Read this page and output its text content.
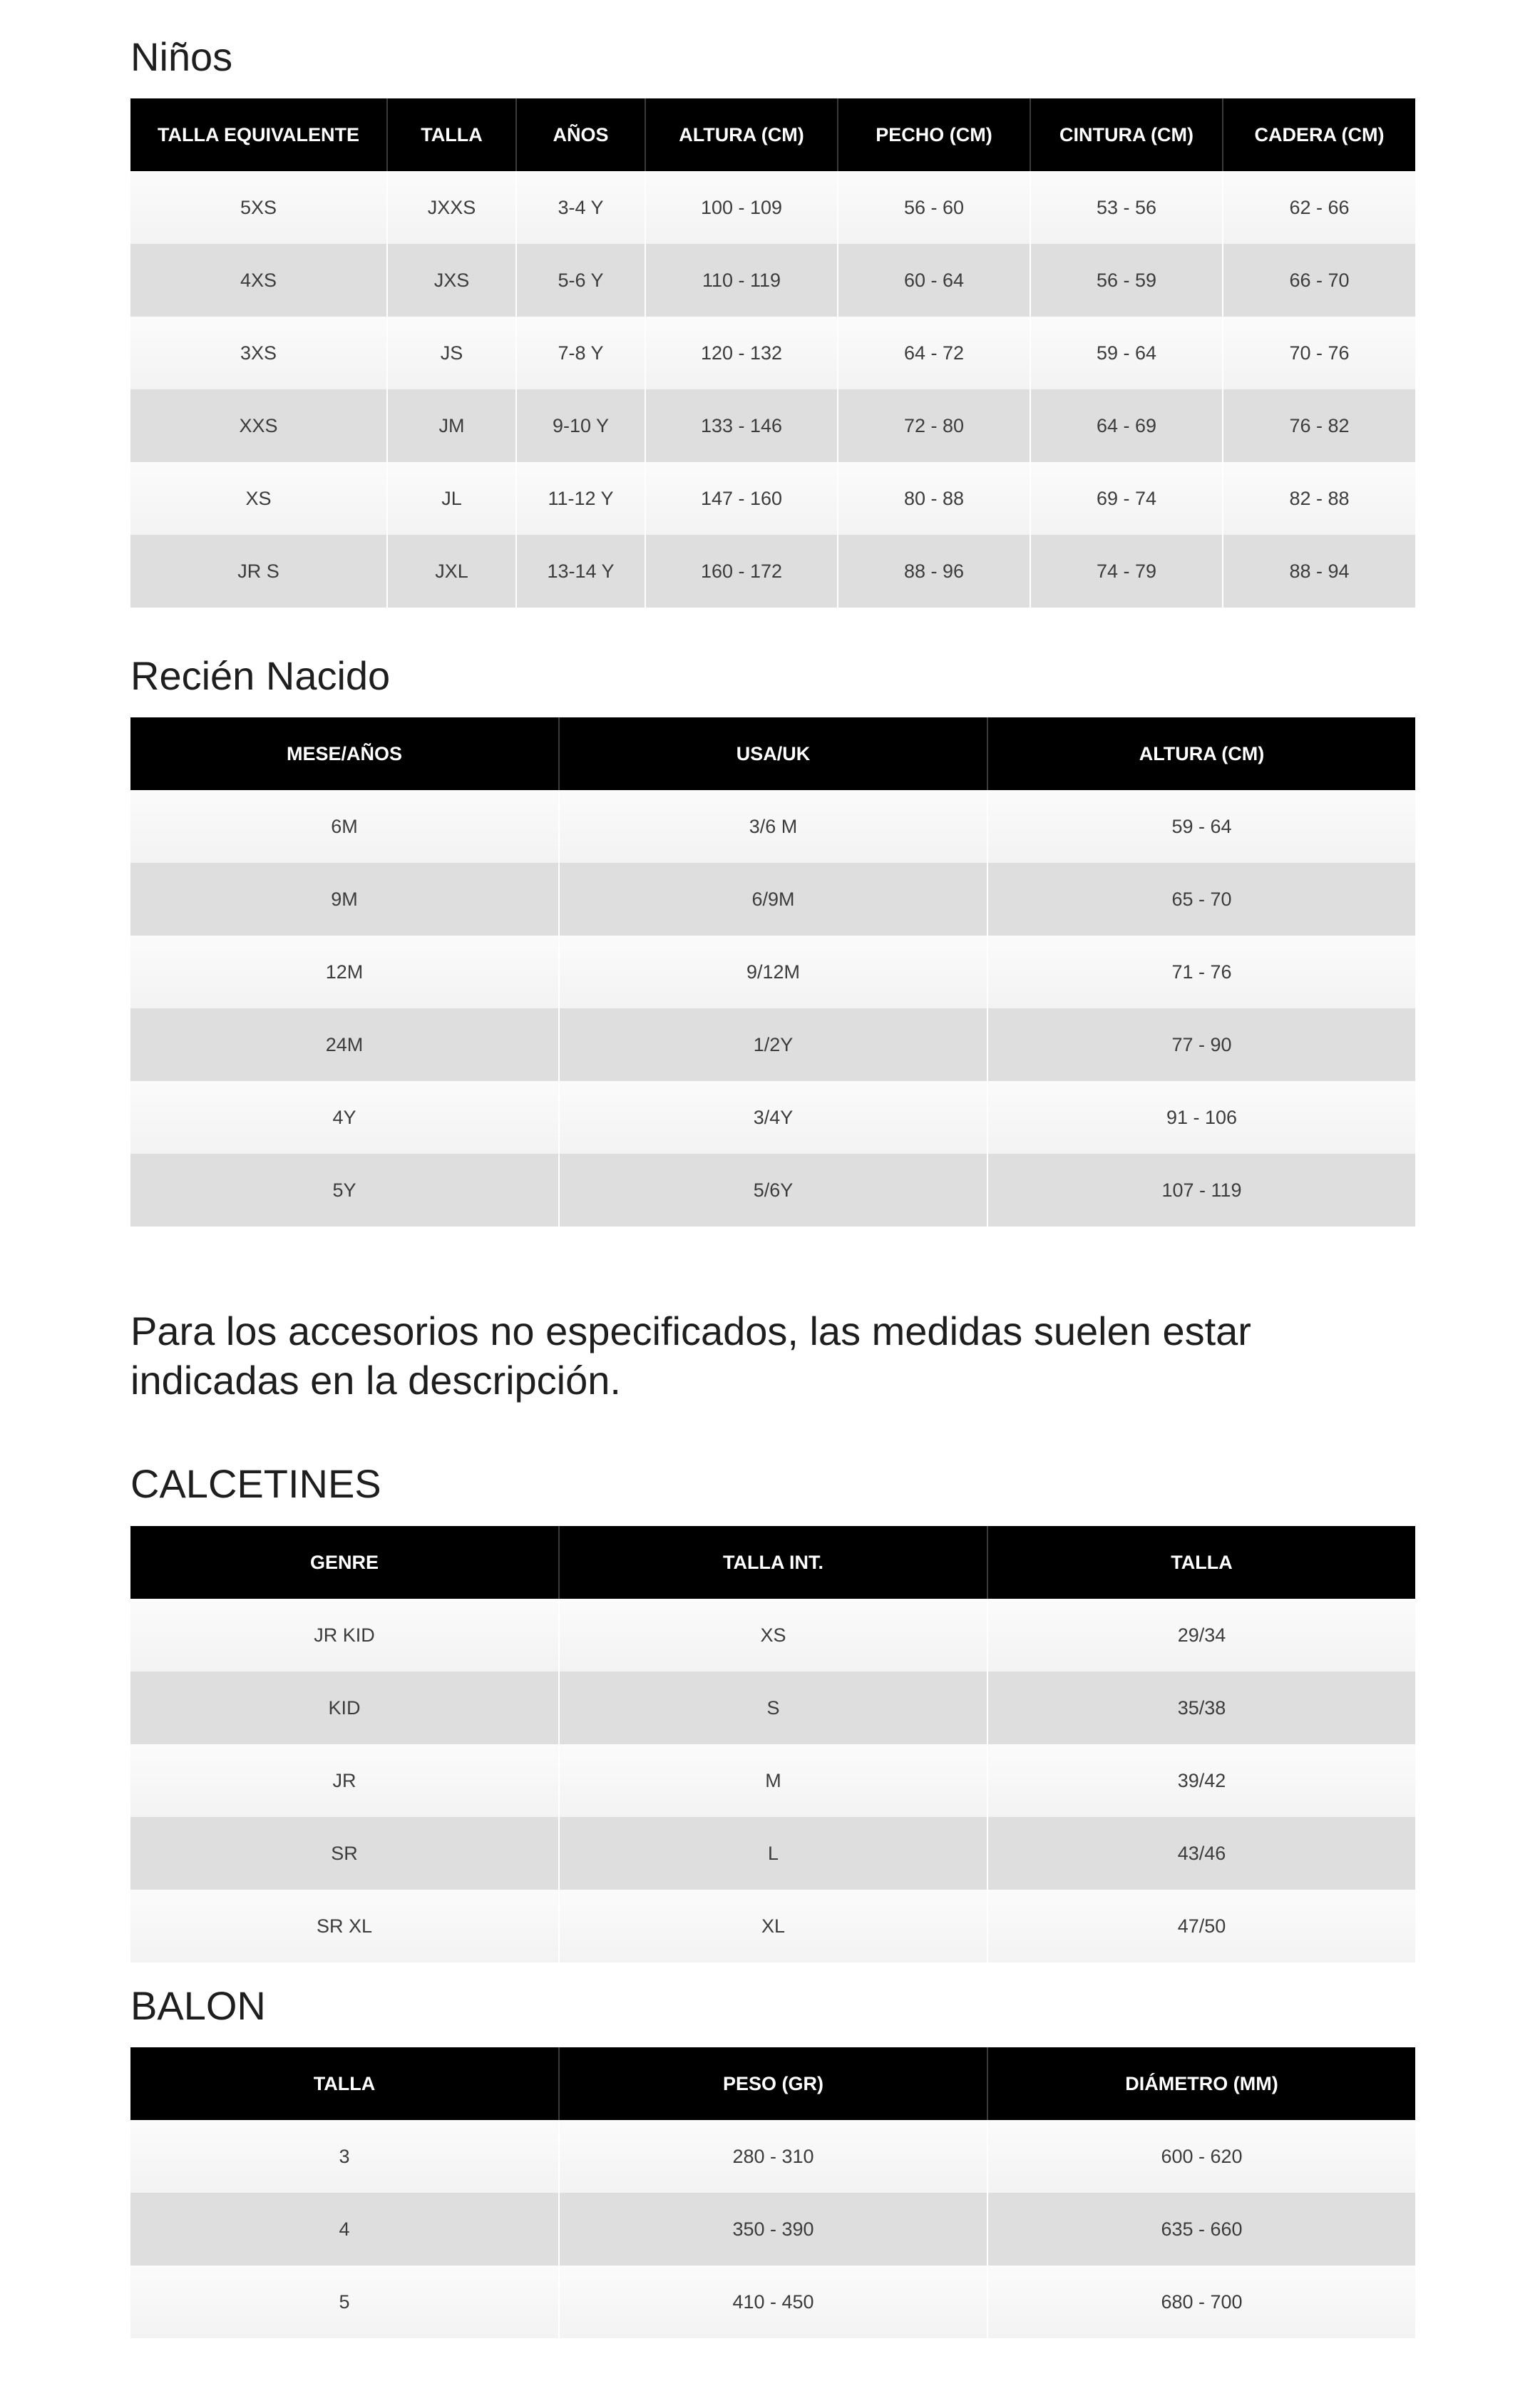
Niños
TALLA EQUIVALENTE	TALLA	AÑOS	ALTURA (CM)	PECHO (CM)	CINTURA (CM)	CADERA (CM)
5XS	JXXS	3-4 Y	100 - 109	56 - 60	53 - 56	62 - 66
4XS	JXS	5-6 Y	110 - 119	60 - 64	56 - 59	66 - 70
3XS	JS	7-8 Y	120 - 132	64 - 72	59 - 64	70 - 76
XXS	JM	9-10 Y	133 - 146	72 - 80	64 - 69	76 - 82
XS	JL	11-12 Y	147 - 160	80 - 88	69 - 74	82 - 88
JR S	JXL	13-14 Y	160 - 172	88 - 96	74 - 79	88 - 94
Recién Nacido
MESE/AÑOS	USA/UK	ALTURA (CM)
6M	3/6 M	59 - 64
9M	6/9M	65 - 70
12M	9/12M	71 - 76
24M	1/2Y	77 - 90
4Y	3/4Y	91 - 106
5Y	5/6Y	107 - 119

Para los accesorios no especificados, las medidas suelen estar indicadas en la descripción.

CALCETINES
GENRE	TALLA INT.	TALLA
JR KID	XS	29/34
KID	S	35/38
JR	M	39/42
SR	L	43/46
SR XL	XL	47/50
BALON
TALLA	PESO (GR)	DIÁMETRO (MM)
3	280 - 310	600 - 620
4	350 - 390	635 - 660
5	410 - 450	680 - 700
